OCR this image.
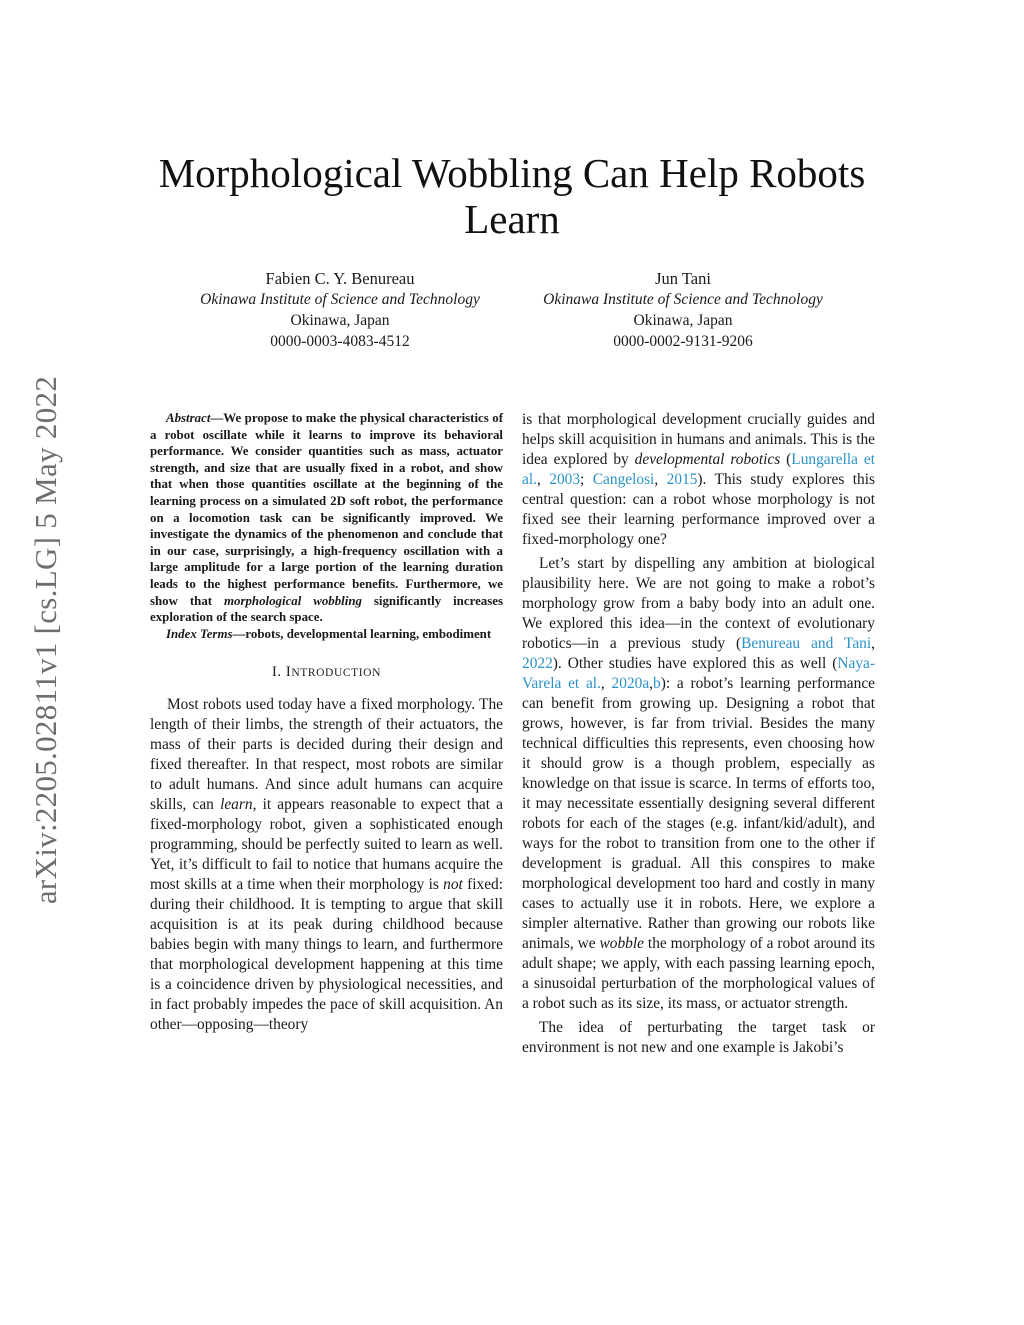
arXiv:2205.02811v1 [cs.LG] 5 May 2022
Morphological Wobbling Can Help Robots Learn
Fabien C. Y. Benureau
Okinawa Institute of Science and Technology
Okinawa, Japan
0000-0003-4083-4512
Jun Tani
Okinawa Institute of Science and Technology
Okinawa, Japan
0000-0002-9131-9206

Abstract—We propose to make the physical characteristics of a robot oscillate while it learns to improve its behavioral performance. We consider quantities such as mass, actuator strength, and size that are usually fixed in a robot, and show that when those quantities oscillate at the beginning of the learning process on a simulated 2D soft robot, the performance on a locomotion task can be significantly improved. We investigate the dynamics of the phenomenon and conclude that in our case, surprisingly, a high-frequency oscillation with a large amplitude for a large portion of the learning duration leads to the highest performance benefits. Furthermore, we show that morphological wobbling significantly increases exploration of the search space.

Index Terms—robots, developmental learning, embodiment

I. INTRODUCTION

Most robots used today have a fixed morphology. The length of their limbs, the strength of their actuators, the mass of their parts is decided during their design and fixed thereafter. In that respect, most robots are similar to adult humans. And since adult humans can acquire skills, can learn, it appears reasonable to expect that a fixed-morphology robot, given a sophisticated enough programming, should be perfectly suited to learn as well. Yet, it’s difficult to fail to notice that humans acquire the most skills at a time when their morphology is not fixed: during their childhood. It is tempting to argue that skill acquisition is at its peak during childhood because babies begin with many things to learn, and furthermore that morphological development happening at this time is a coincidence driven by physiological necessities, and in fact probably impedes the pace of skill acquisition. An other—opposing—theory

is that morphological development crucially guides and helps skill acquisition in humans and animals. This is the idea explored by developmental robotics (Lungarella et al., 2003; Cangelosi, 2015). This study explores this central question: can a robot whose morphology is not fixed see their learning performance improved over a fixed-morphology one?

Let’s start by dispelling any ambition at biological plausibility here. We are not going to make a robot’s morphology grow from a baby body into an adult one. We explored this idea—in the context of evolutionary robotics—in a previous study (Benureau and Tani, 2022). Other studies have explored this as well (Naya-Varela et al., 2020a,b): a robot’s learning performance can benefit from growing up. Designing a robot that grows, however, is far from trivial. Besides the many technical difficulties this represents, even choosing how it should grow is a though problem, especially as knowledge on that issue is scarce. In terms of efforts too, it may necessitate essentially designing several different robots for each of the stages (e.g. infant/kid/adult), and ways for the robot to transition from one to the other if development is gradual. All this conspires to make morphological development too hard and costly in many cases to actually use it in robots. Here, we explore a simpler alternative. Rather than growing our robots like animals, we wobble the morphology of a robot around its adult shape; we apply, with each passing learning epoch, a sinusoidal perturbation of the morphological values of a robot such as its size, its mass, or actuator strength.

The idea of perturbating the target task or environment is not new and one example is Jakobi’s
